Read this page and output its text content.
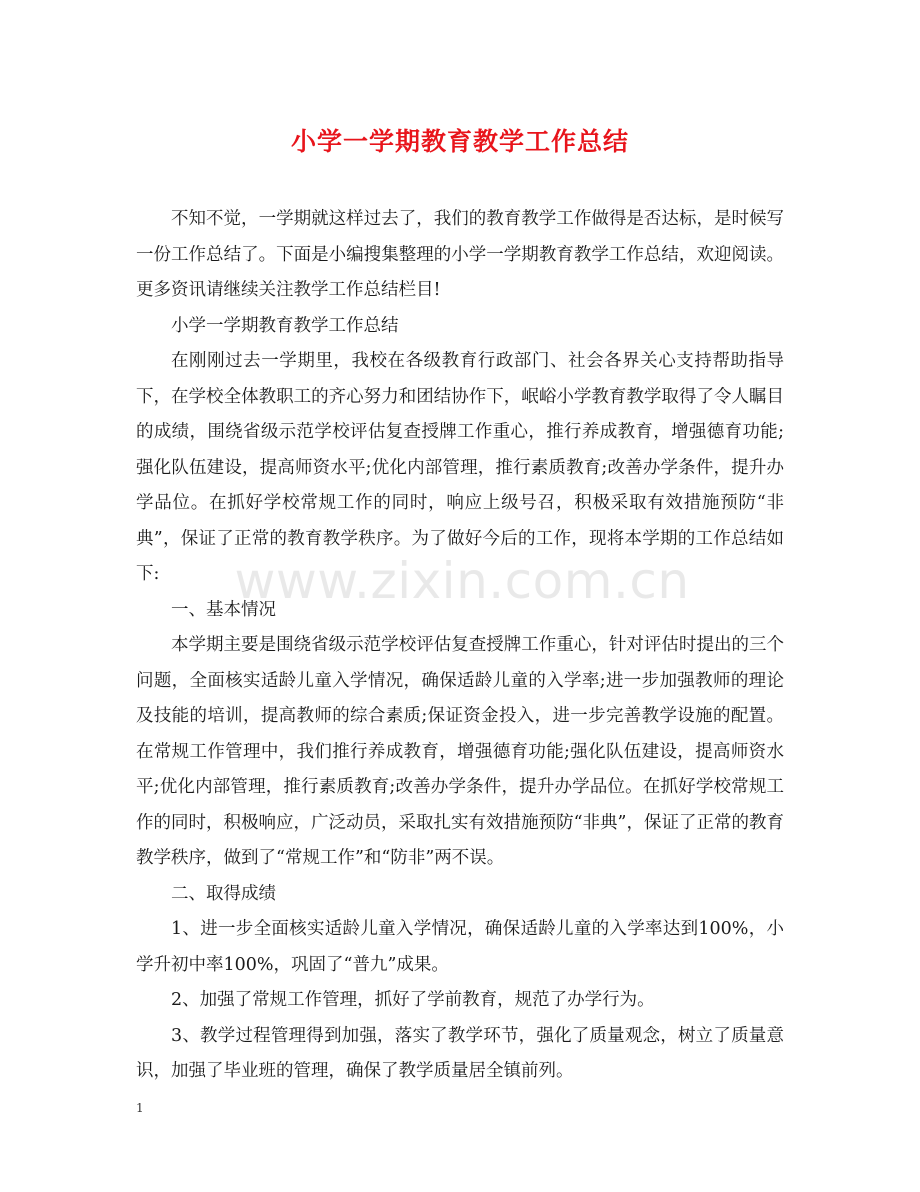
小学一学期教育教学工作总结

不知不觉，一学期就这样过去了，我们的教育教学工作做得是否达标，是时候写一份工作总结了。下面是小编搜集整理的小学一学期教育教学工作总结，欢迎阅读。更多资讯请继续关注教学工作总结栏目!

小学一学期教育教学工作总结

在刚刚过去一学期里，我校在各级教育行政部门、社会各界关心支持帮助指导下，在学校全体教职工的齐心努力和团结协作下，岷峪小学教育教学取得了令人瞩目的成绩，围绕省级示范学校评估复查授牌工作重心，推行养成教育，增强德育功能;强化队伍建设，提高师资水平;优化内部管理，推行素质教育;改善办学条件，提升办学品位。在抓好学校常规工作的同时，响应上级号召，积极采取有效措施预防“非典”，保证了正常的教育教学秩序。为了做好今后的工作，现将本学期的工作总结如下:

一、基本情况

本学期主要是围绕省级示范学校评估复查授牌工作重心，针对评估时提出的三个问题，全面核实适龄儿童入学情况，确保适龄儿童的入学率;进一步加强教师的理论及技能的培训，提高教师的综合素质;保证资金投入，进一步完善教学设施的配置。在常规工作管理中，我们推行养成教育，增强德育功能;强化队伍建设，提高师资水平;优化内部管理，推行素质教育;改善办学条件，提升办学品位。在抓好学校常规工作的同时，积极响应，广泛动员，采取扎实有效措施预防“非典”，保证了正常的教育教学秩序，做到了“常规工作”和“防非”两不误。

二、取得成绩

1、进一步全面核实适龄儿童入学情况，确保适龄儿童的入学率达到100%，小学升初中率100%，巩固了“普九”成果。

2、加强了常规工作管理，抓好了学前教育，规范了办学行为。

3、教学过程管理得到加强，落实了教学环节，强化了质量观念，树立了质量意识，加强了毕业班的管理，确保了教学质量居全镇前列。

www.zixin.com.cn
1
